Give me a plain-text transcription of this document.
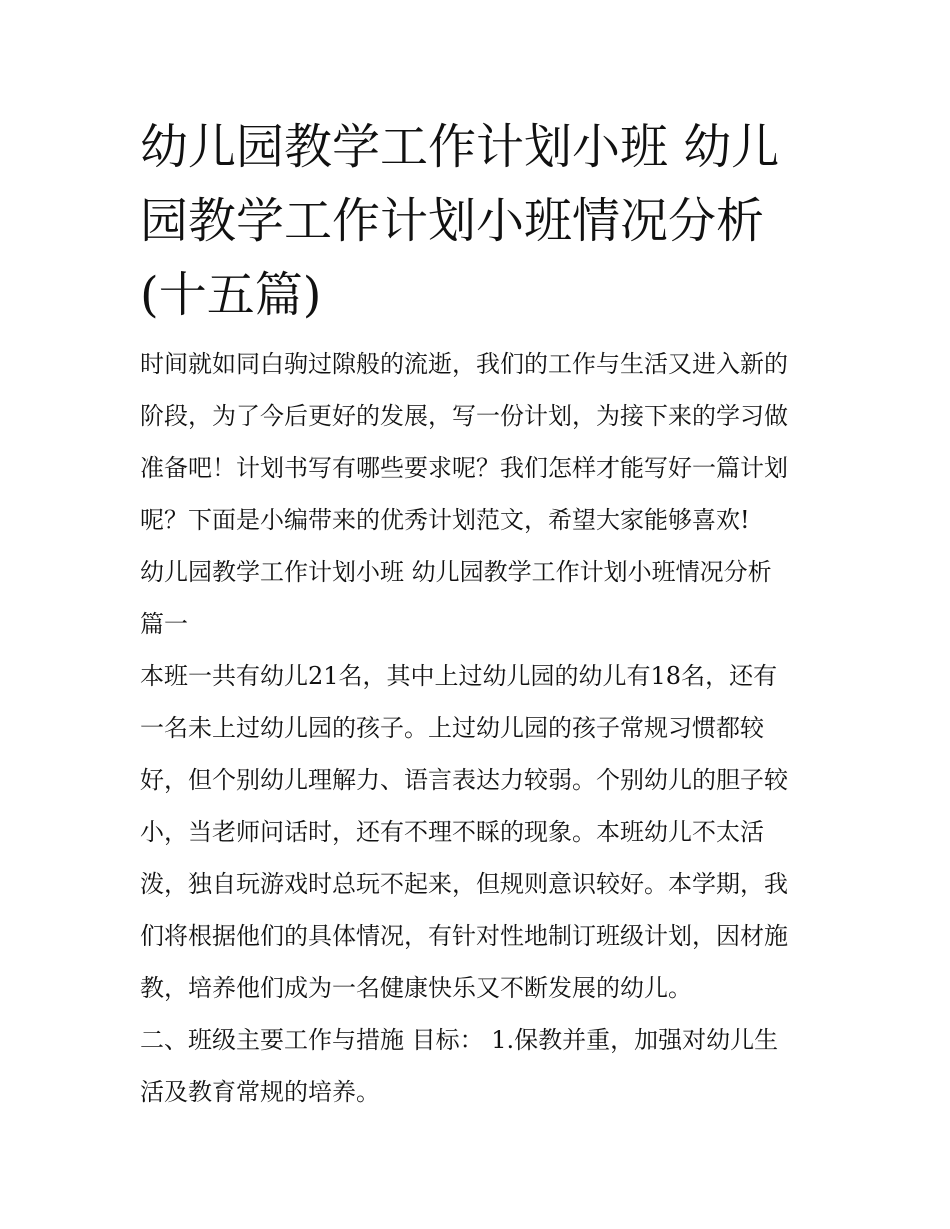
幼儿园教学工作计划小班 幼儿
园教学工作计划小班情况分析
(十五篇)

时间就如同白驹过隙般的流逝，我们的工作与生活又进入新的

阶段，为了今后更好的发展，写一份计划，为接下来的学习做

准备吧！计划书写有哪些要求呢？我们怎样才能写好一篇计划

呢？下面是小编带来的优秀计划范文，希望大家能够喜欢!

幼儿园教学工作计划小班 幼儿园教学工作计划小班情况分析

篇一

本班一共有幼儿21名，其中上过幼儿园的幼儿有18名，还有

一名未上过幼儿园的孩子。上过幼儿园的孩子常规习惯都较

好，但个别幼儿理解力、语言表达力较弱。个别幼儿的胆子较

小，当老师问话时，还有不理不睬的现象。本班幼儿不太活

泼，独自玩游戏时总玩不起来，但规则意识较好。本学期，我

们将根据他们的具体情况，有针对性地制订班级计划，因材施

教，培养他们成为一名健康快乐又不断发展的幼儿。

二、班级主要工作与措施 目标： 1.保教并重，加强对幼儿生

活及教育常规的培养。
